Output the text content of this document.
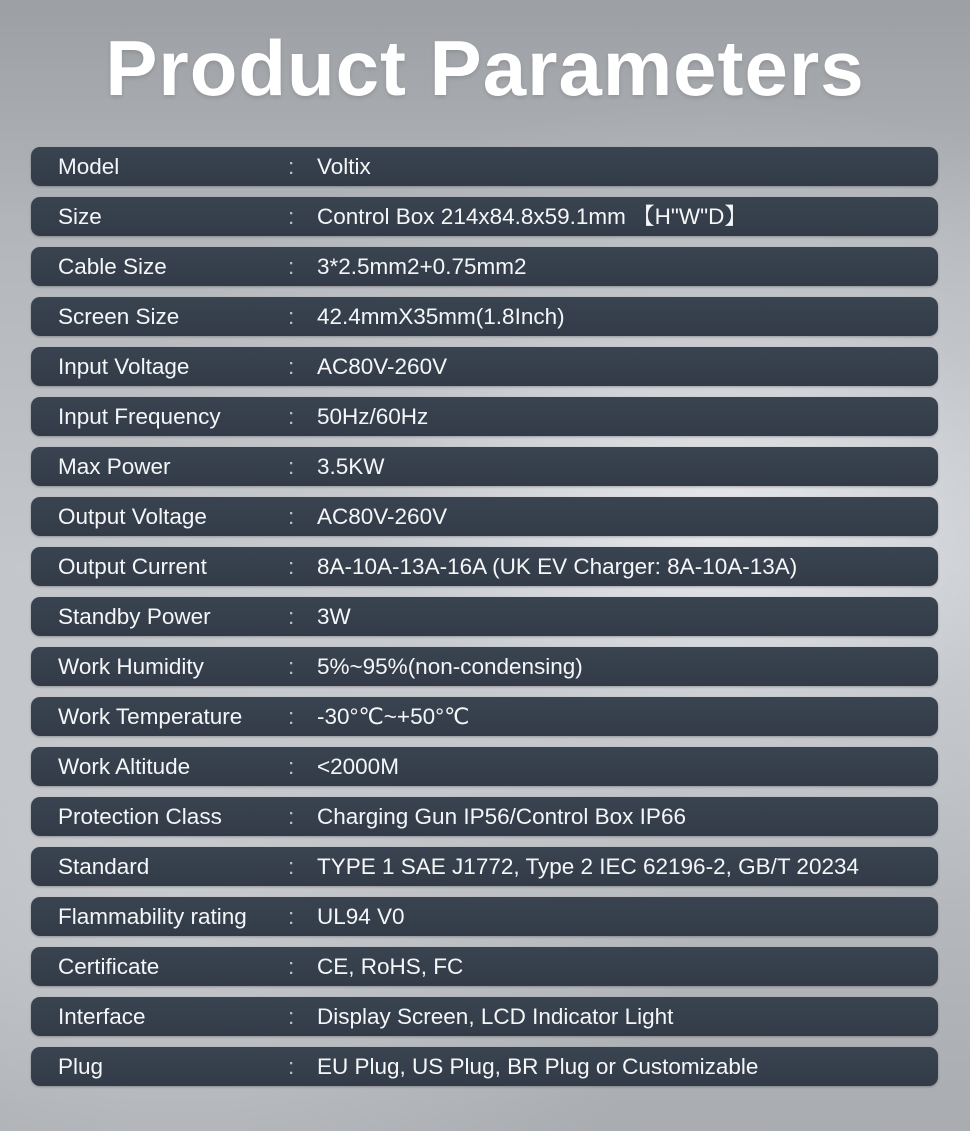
Product Parameters
Model	: Voltix
Size	: Control Box 214x84.8x59.1mm 【H"W"D】
Cable Size	: 3*2.5mm2+0.75mm2
Screen Size	: 42.4mmX35mm(1.8Inch)
Input Voltage	: AC80V-260V
Input Frequency	: 50Hz/60Hz
Max Power	: 3.5KW
Output Voltage	: AC80V-260V
Output Current	: 8A-10A-13A-16A (UK EV Charger: 8A-10A-13A)
Standby Power	: 3W
Work Humidity	: 5%~95%(non-condensing)
Work Temperature : -30°℃~+50°℃
Work Altitude	: <2000M
Protection Class	: Charging Gun IP56/Control Box IP66
Standard	: TYPE 1 SAE J1772, Type 2 IEC 62196-2, GB/T 20234
Flammability rating : UL94 V0
Certificate	: CE, RoHS, FC
Interface	: Display Screen, LCD Indicator Light
Plug	: EU Plug, US Plug, BR Plug or Customizable
